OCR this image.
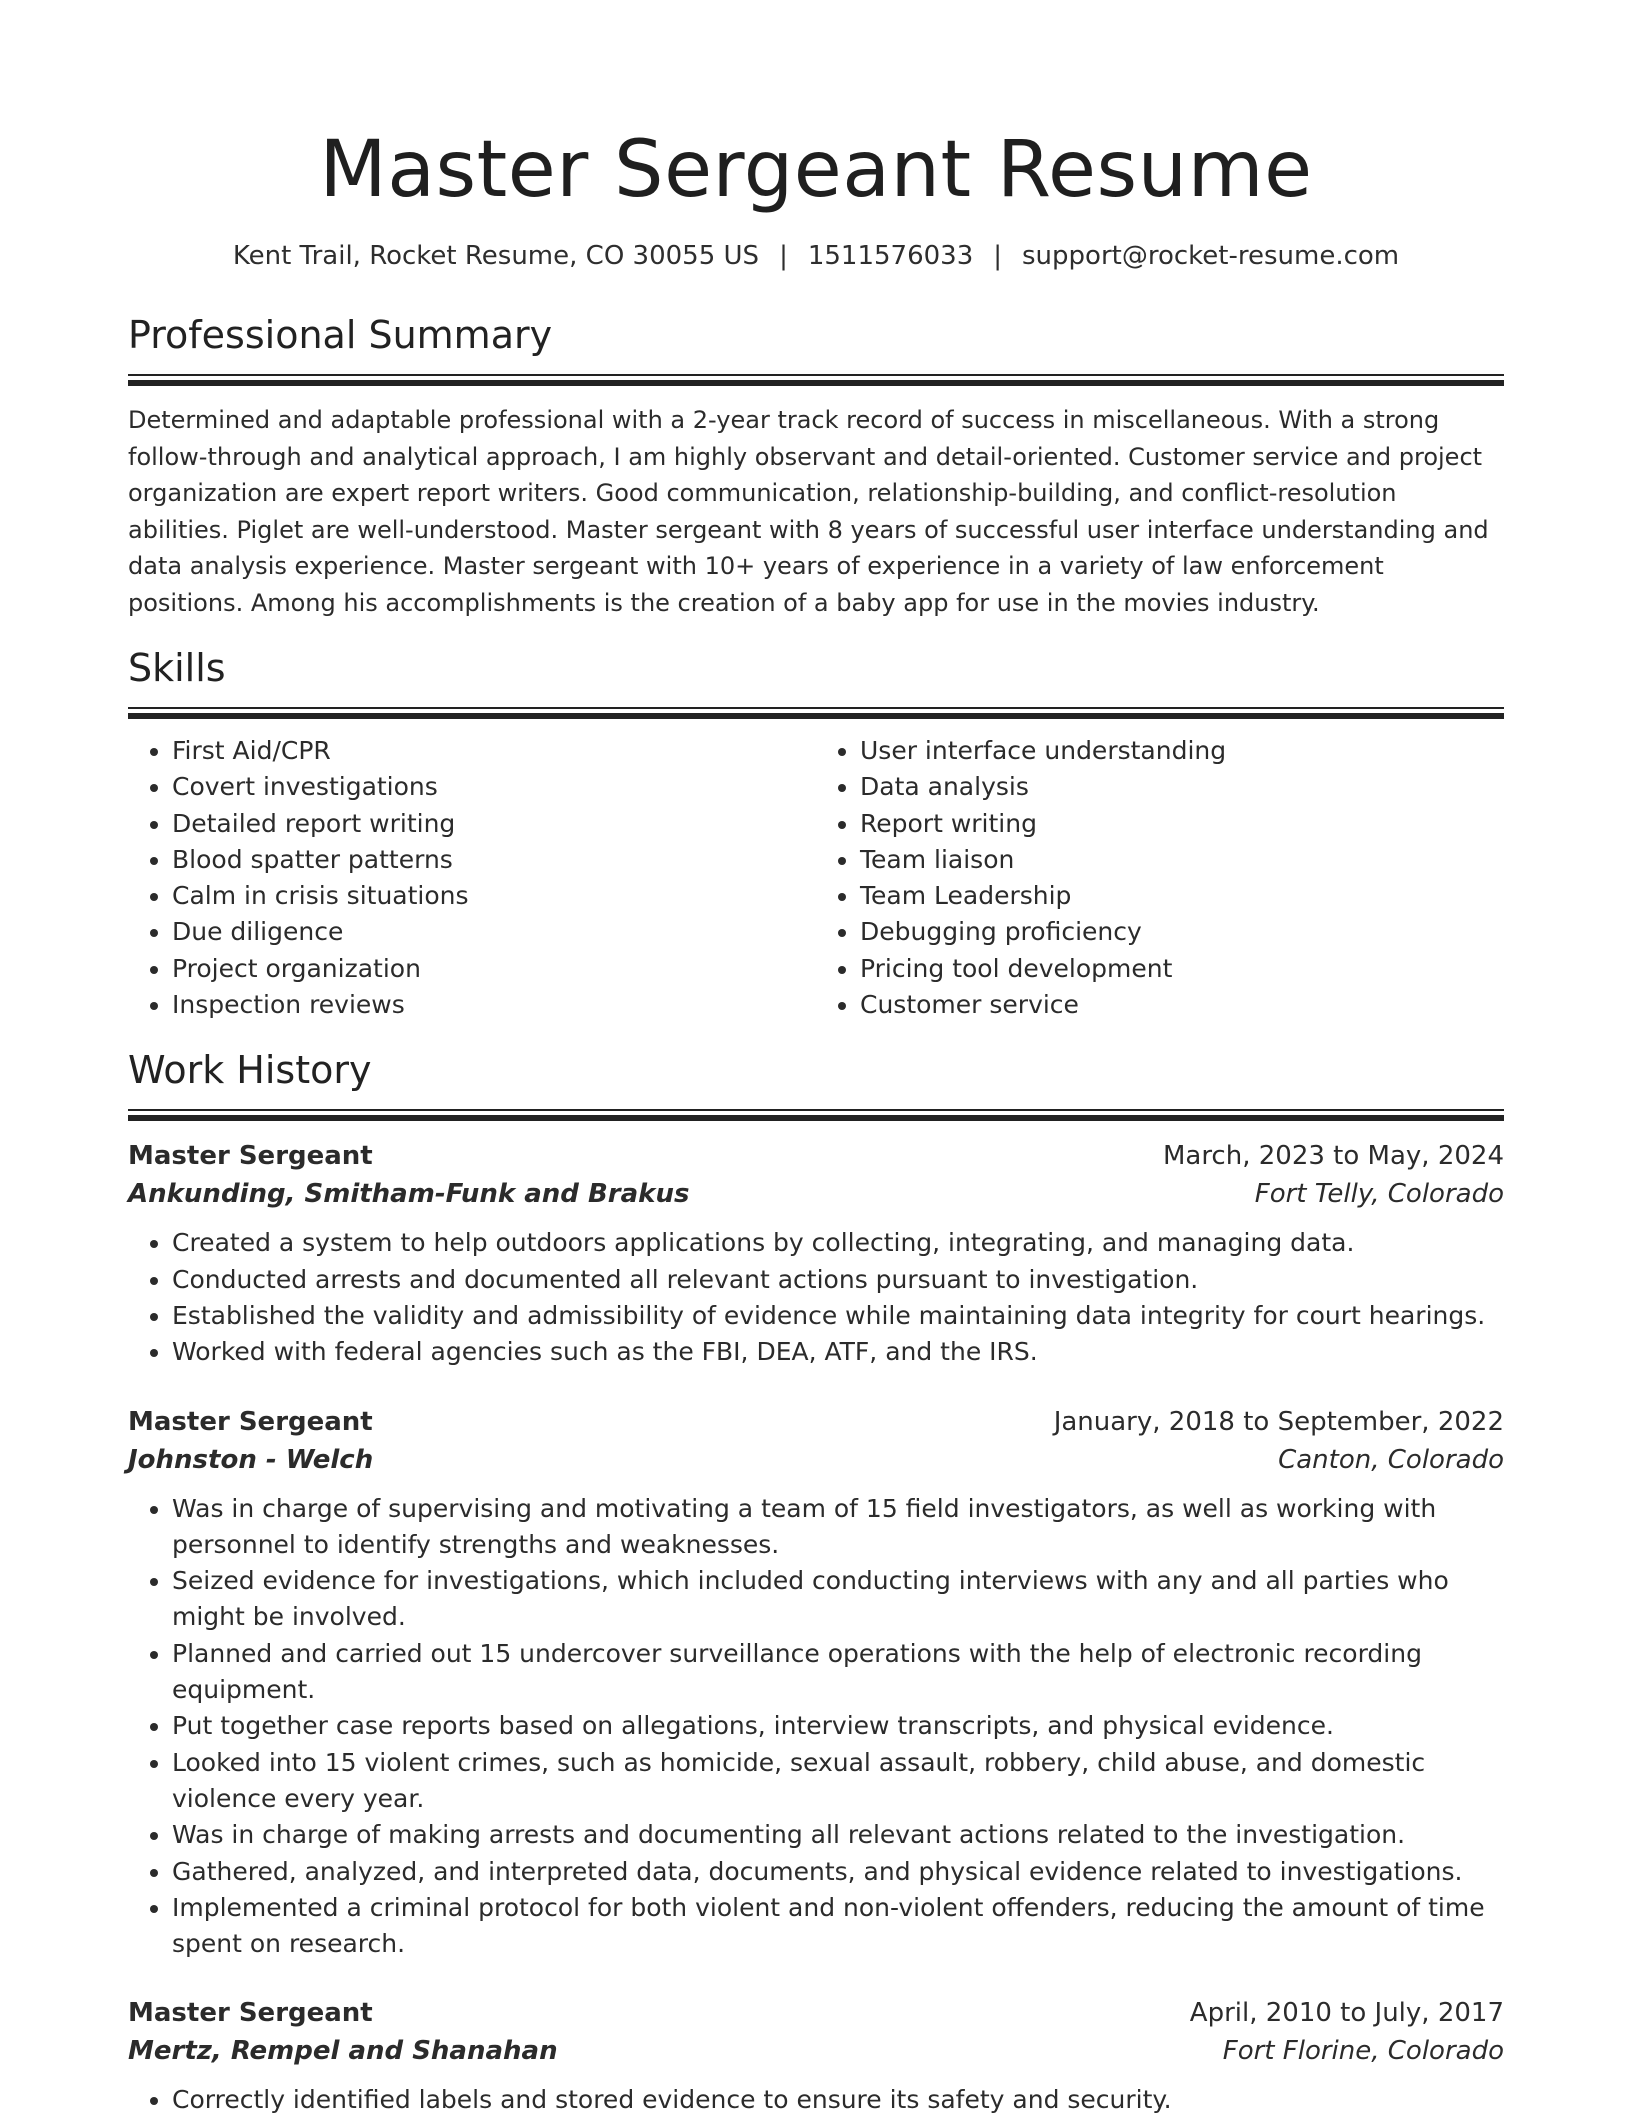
Master Sergeant Resume
Kent Trail, Rocket Resume, CO 30055 US | 1511576033 | support@rocket-resume.com
Professional Summary

Determined and adaptable professional with a 2-year track record of success in miscellaneous. With a strong follow-through and analytical approach, I am highly observant and detail-oriented. Customer service and project organization are expert report writers. Good communication, relationship-building, and conflict-resolution abilities. Piglet are well-understood. Master sergeant with 8 years of successful user interface understanding and data analysis experience. Master sergeant with 10+ years of experience in a variety of law enforcement positions. Among his accomplishments is the creation of a baby app for use in the movies industry.

Skills
• First Aid/CPR
• Covert investigations
• Detailed report writing
• Blood spatter patterns
• Calm in crisis situations
• Due diligence
• Project organization
• Inspection reviews
• User interface understanding
• Data analysis
• Report writing
• Team liaison
• Team Leadership
• Debugging proficiency
• Pricing tool development
• Customer service
Work History
Master Sergeant	March, 2023 to May, 2024
Ankunding, Smitham-Funk and Brakus	Fort Telly, Colorado
• Created a system to help outdoors applications by collecting, integrating, and managing data.
• Conducted arrests and documented all relevant actions pursuant to investigation.
• Established the validity and admissibility of evidence while maintaining data integrity for court hearings.
• Worked with federal agencies such as the FBI, DEA, ATF, and the IRS.
Master Sergeant	January, 2018 to September, 2022
Johnston - Welch	Canton, Colorado
• Was in charge of supervising and motivating a team of 15 field investigators, as well as working with personnel to identify strengths and weaknesses.
• Seized evidence for investigations, which included conducting interviews with any and all parties who might be involved.
• Planned and carried out 15 undercover surveillance operations with the help of electronic recording equipment.
• Put together case reports based on allegations, interview transcripts, and physical evidence.
• Looked into 15 violent crimes, such as homicide, sexual assault, robbery, child abuse, and domestic violence every year.
• Was in charge of making arrests and documenting all relevant actions related to the investigation.
• Gathered, analyzed, and interpreted data, documents, and physical evidence related to investigations.
• Implemented a criminal protocol for both violent and non-violent offenders, reducing the amount of time spent on research.
Master Sergeant	April, 2010 to July, 2017
Mertz, Rempel and Shanahan	Fort Florine, Colorado
• Correctly identified labels and stored evidence to ensure its safety and security.
